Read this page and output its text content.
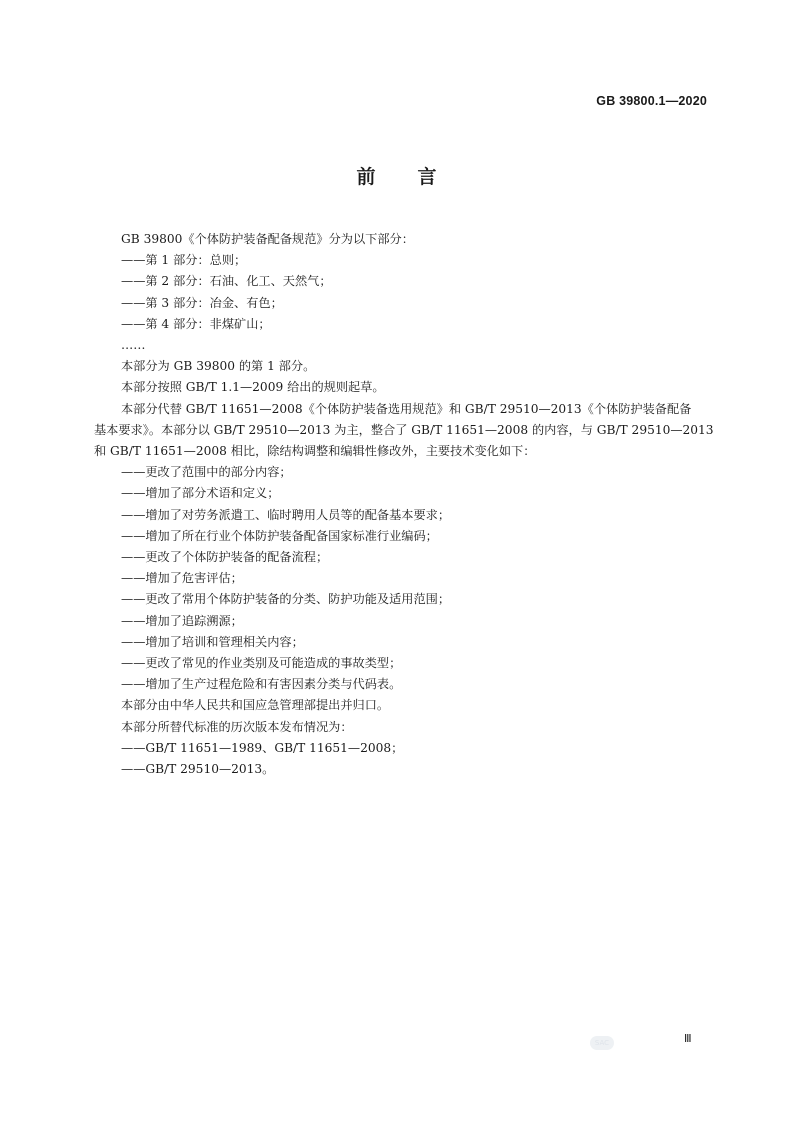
GB 39800.1—2020
前 言
GB 39800《个体防护装备配备规范》分为以下部分：
——第 1 部分：总则；
——第 2 部分：石油、化工、天然气；
——第 3 部分：冶金、有色；
——第 4 部分：非煤矿山；
……
本部分为 GB 39800 的第 1 部分。
本部分按照 GB/T 1.1—2009 给出的规则起草。
本部分代替 GB/T 11651—2008《个体防护装备选用规范》和 GB/T 29510—2013《个体防护装备配备
基本要求》。本部分以 GB/T 29510—2013 为主，整合了 GB/T 11651—2008 的内容，与 GB/T 29510—2013
和 GB/T 11651—2008 相比，除结构调整和编辑性修改外，主要技术变化如下：
——更改了范围中的部分内容；
——增加了部分术语和定义；
——增加了对劳务派遣工、临时聘用人员等的配备基本要求；
——增加了所在行业个体防护装备配备国家标准行业编码；
——更改了个体防护装备的配备流程；
——增加了危害评估；
——更改了常用个体防护装备的分类、防护功能及适用范围；
——增加了追踪溯源；
——增加了培训和管理相关内容；
——更改了常见的作业类别及可能造成的事故类型；
——增加了生产过程危险和有害因素分类与代码表。
本部分由中华人民共和国应急管理部提出并归口。
本部分所替代标准的历次版本发布情况为：
——GB/T 11651—1989、GB/T 11651—2008；
——GB/T 29510—2013。
SAC	Ⅲ
